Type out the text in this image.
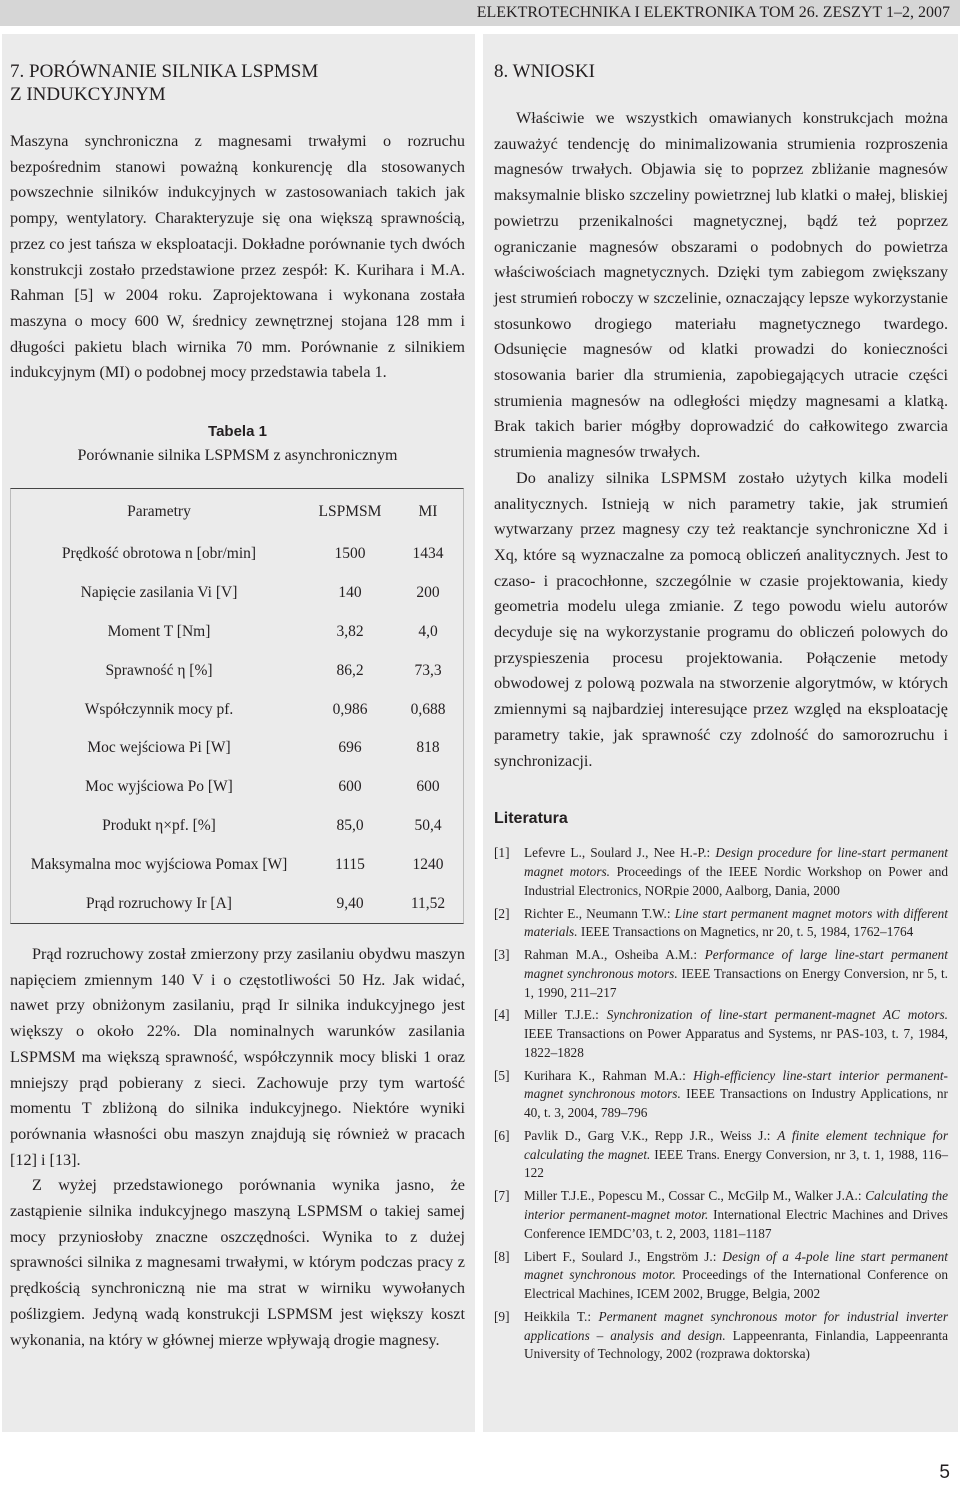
ELEKTROTECHNIKA I ELEKTRONIKA TOM 26. ZESZYT 1–2, 2007
7. PORÓWNANIE SILNIKA LSPMSM
Z INDUKCYJNYM

Maszyna synchroniczna z magnesami trwałymi o rozruchu bezpośrednim stanowi poważną konkurencję dla stosowanych powszechnie silników indukcyjnych w zastosowaniach takich jak pompy, wentylatory. Charakteryzuje się ona większą sprawnością, przez co jest tańsza w eksploatacji. Dokładne porównanie tych dwóch konstrukcji zostało przedstawione przez zespół: K. Kurihara i M.A. Rahman [5] w 2004 roku. Zaprojektowana i wykonana została maszyna o mocy 600 W, średnicy zewnętrznej stojana 128 mm i długości pakietu blach wirnika 70 mm. Porównanie z silnikiem indukcyjnym (MI) o podobnej mocy przedstawia tabela 1.

Tabela 1
Porównanie silnika LSPMSM z asynchronicznym
Parametry	LSPMSM	MI
Prędkość obrotowa n [obr/min]	1500	1434
Napięcie zasilania Vi [V]	140	200
Moment T [Nm]	3,82	4,0
Sprawność η [%]	86,2	73,3
Współczynnik mocy pf.	0,986	0,688
Moc wejściowa Pi [W]	696	818
Moc wyjściowa Po [W]	600	600
Produkt η×pf. [%]	85,0	50,4
Maksymalna moc wyjściowa Pomax [W]	1115	1240
Prąd rozruchowy Ir [A]	9,40	11,52

Prąd rozruchowy został zmierzony przy zasilaniu obydwu maszyn napięciem zmiennym 140 V i o częstotliwości 50 Hz. Jak widać, nawet przy obniżonym zasilaniu, prąd Ir silnika indukcyjnego jest większy o około 22%. Dla nominalnych warunków zasilania LSPMSM ma większą sprawność, współczynnik mocy bliski 1 oraz mniejszy prąd pobierany z sieci. Zachowuje przy tym wartość momentu T zbliżoną do silnika indukcyjnego. Niektóre wyniki porównania własności obu maszyn znajdują się również w pracach [12] i [13].

Z wyżej przedstawionego porównania wynika jasno, że zastąpienie silnika indukcyjnego maszyną LSPMSM o takiej samej mocy przyniosłoby znaczne oszczędności. Wynika to z dużej sprawności silnika z magnesami trwałymi, w którym podczas pracy z prędkością synchroniczną nie ma strat w wirniku wywołanych poślizgiem. Jedyną wadą konstrukcji LSPMSM jest większy koszt wykonania, na który w głównej mierze wpływają drogie magnesy.

8. WNIOSKI

Właściwie we wszystkich omawianych konstrukcjach można zauważyć tendencję do minimalizowania strumienia rozproszenia magnesów trwałych. Objawia się to poprzez zbliżanie magnesów maksymalnie blisko szczeliny powietrznej lub klatki o małej, bliskiej powietrzu przenikalności magnetycznej, bądź też poprzez ograniczanie magnesów obszarami o podobnych do powietrza właściwościach magnetycznych. Dzięki tym zabiegom zwiększany jest strumień roboczy w szczelinie, oznaczający lepsze wykorzystanie stosunkowo drogiego materiału magnetycznego twardego. Odsunięcie magnesów od klatki prowadzi do konieczności stosowania barier dla strumienia, zapobiegających utracie części strumienia magnesów na odległości między magnesami a klatką. Brak takich barier mógłby doprowadzić do całkowitego zwarcia strumienia magnesów trwałych.

Do analizy silnika LSPMSM zostało użytych kilka modeli analitycznych. Istnieją w nich parametry takie, jak strumień wytwarzany przez magnesy czy też reaktancje synchroniczne Xd i Xq, które są wyznaczalne za pomocą obliczeń analitycznych. Jest to czaso- i pracochłonne, szczególnie w czasie projektowania, kiedy geometria modelu ulega zmianie. Z tego powodu wielu autorów decyduje się na wykorzystanie programu do obliczeń polowych do przyspieszenia procesu projektowania. Połączenie metody obwodowej z polową pozwala na stworzenie algorytmów, w których zmiennymi są najbardziej interesujące przez względ na eksploatację parametry takie, jak sprawność czy zdolność do samorozruchu i synchronizacji.

Literatura
[1]	Lefevre L., Soulard J., Nee H.-P.: Design procedure for line-start permanent magnet motors. Proceedings of the IEEE Nordic Workshop on Power and Industrial Electronics, NORpie 2000, Aalborg, Dania, 2000
[2]	Richter E., Neumann T.W.: Line start permanent magnet motors with different materials. IEEE Transactions on Magnetics, nr 20, t. 5, 1984, 1762–1764
[3]	Rahman M.A., Osheiba A.M.: Performance of large line-start permanent magnet synchronous motors. IEEE Transactions on Energy Conversion, nr 5, t. 1, 1990, 211–217
[4]	Miller T.J.E.: Synchronization of line-start permanent-magnet AC motors. IEEE Transactions on Power Apparatus and Systems, nr PAS-103, t. 7, 1984, 1822–1828
[5]	Kurihara K., Rahman M.A.: High-efficiency line-start interior permanent-magnet synchronous motors. IEEE Transactions on Industry Applications, nr 40, t. 3, 2004, 789–796
[6]	Pavlik D., Garg V.K., Repp J.R., Weiss J.: A finite element technique for calculating the magnet. IEEE Trans. Energy Conversion, nr 3, t. 1, 1988, 116–122
[7]	Miller T.J.E., Popescu M., Cossar C., McGilp M., Walker J.A.: Calculating the interior permanent-magnet motor. International Electric Machines and Drives Conference IEMDC’03, t. 2, 2003, 1181–1187
[8]	Libert F., Soulard J., Engström J.: Design of a 4-pole line start permanent magnet synchronous motor. Proceedings of the International Conference on Electrical Machines, ICEM 2002, Brugge, Belgia, 2002
[9]	Heikkila T.: Permanent magnet synchronous motor for industrial inverter applications – analysis and design. Lappeenranta, Finlandia, Lappeenranta University of Technology, 2002 (rozprawa doktorska)
5
